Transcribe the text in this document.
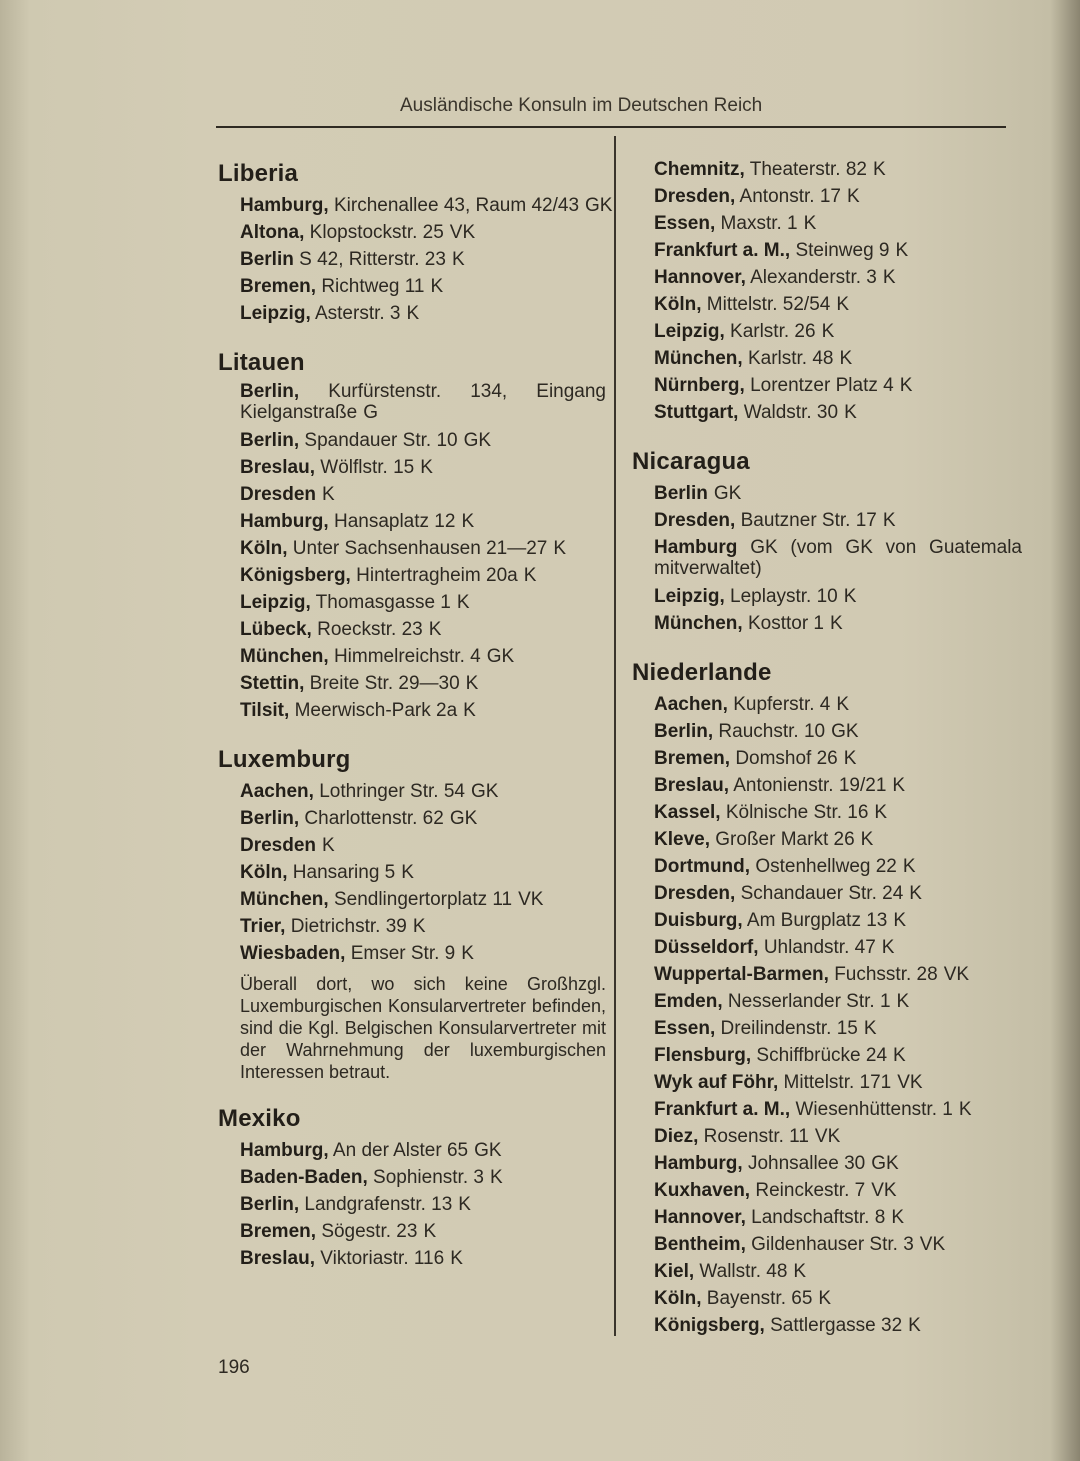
Ausländische Konsuln im Deutschen Reich
Liberia
Hamburg, Kirchenallee 43, Raum 42/43 GK
Altona, Klopstockstr. 25 VK
Berlin S 42, Ritterstr. 23 K
Bremen, Richtweg 11 K
Leipzig, Asterstr. 3 K
Litauen
Berlin, Kurfürstenstr. 134, Eingang Kielganstraße G
Berlin, Spandauer Str. 10 GK
Breslau, Wölflstr. 15 K
Dresden K
Hamburg, Hansaplatz 12 K
Köln, Unter Sachsenhausen 21—27 K
Königsberg, Hintertragheim 20a K
Leipzig, Thomasgasse 1 K
Lübeck, Roeckstr. 23 K
München, Himmelreichstr. 4 GK
Stettin, Breite Str. 29—30 K
Tilsit, Meerwisch-Park 2a K
Luxemburg
Aachen, Lothringer Str. 54 GK
Berlin, Charlottenstr. 62 GK
Dresden K
Köln, Hansaring 5 K
München, Sendlingertorplatz 11 VK
Trier, Dietrichstr. 39 K
Wiesbaden, Emser Str. 9 K
Überall dort, wo sich keine Großhzgl. Luxemburgischen Konsularvertreter befinden, sind die Kgl. Belgischen Konsularvertreter mit der Wahrnehmung der luxemburgischen Interessen betraut.
Mexiko
Hamburg, An der Alster 65 GK
Baden-Baden, Sophienstr. 3 K
Berlin, Landgrafenstr. 13 K
Bremen, Sögestr. 23 K
Breslau, Viktoriastr. 116 K
Chemnitz, Theaterstr. 82 K
Dresden, Antonstr. 17 K
Essen, Maxstr. 1 K
Frankfurt a. M., Steinweg 9 K
Hannover, Alexanderstr. 3 K
Köln, Mittelstr. 52/54 K
Leipzig, Karlstr. 26 K
München, Karlstr. 48 K
Nürnberg, Lorentzer Platz 4 K
Stuttgart, Waldstr. 30 K
Nicaragua
Berlin GK
Dresden, Bautzner Str. 17 K
Hamburg GK (vom GK von Guatemala mitverwaltet)
Leipzig, Leplaystr. 10 K
München, Kosttor 1 K
Niederlande
Aachen, Kupferstr. 4 K
Berlin, Rauchstr. 10 GK
Bremen, Domshof 26 K
Breslau, Antonienstr. 19/21 K
Kassel, Kölnische Str. 16 K
Kleve, Großer Markt 26 K
Dortmund, Ostenhellweg 22 K
Dresden, Schandauer Str. 24 K
Duisburg, Am Burgplatz 13 K
Düsseldorf, Uhlandstr. 47 K
Wuppertal-Barmen, Fuchsstr. 28 VK
Emden, Nesserlander Str. 1 K
Essen, Dreilindenstr. 15 K
Flensburg, Schiffbrücke 24 K
Wyk auf Föhr, Mittelstr. 171 VK
Frankfurt a. M., Wiesenhüttenstr. 1 K
Diez, Rosenstr. 11 VK
Hamburg, Johnsallee 30 GK
Kuxhaven, Reinckestr. 7 VK
Hannover, Landschaftstr. 8 K
Bentheim, Gildenhauser Str. 3 VK
Kiel, Wallstr. 48 K
Köln, Bayenstr. 65 K
Königsberg, Sattlergasse 32 K
196
